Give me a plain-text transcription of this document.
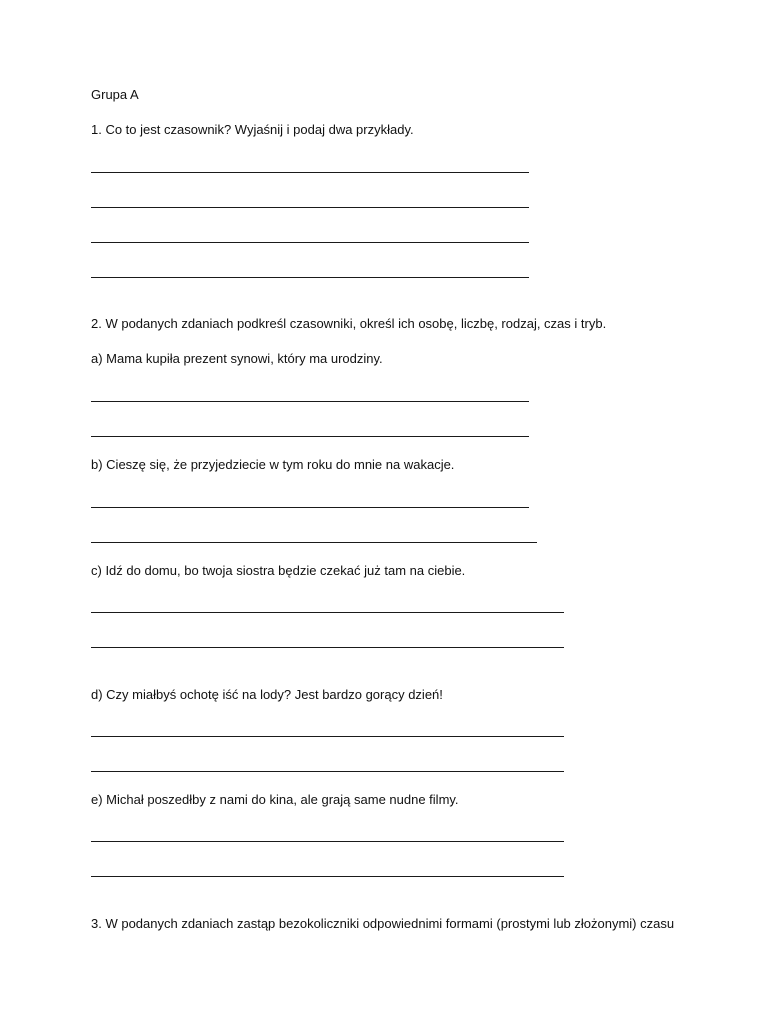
Grupa A
1. Co to jest czasownik? Wyjaśnij i podaj dwa przykłady.
2. W podanych zdaniach podkreśl czasowniki, określ ich osobę, liczbę, rodzaj, czas i tryb.
a) Mama kupiła prezent synowi, który ma urodziny.
b) Cieszę się, że przyjedziecie w tym roku do mnie na wakacje.
c) Idź do domu, bo twoja siostra będzie czekać już tam na ciebie.
d) Czy miałbyś ochotę iść na lody? Jest bardzo gorący dzień!
e) Michał poszedłby z nami do kina, ale grają same nudne filmy.
3. W podanych zdaniach zastąp bezokoliczniki odpowiednimi formami (prostymi lub złożonymi) czasu
